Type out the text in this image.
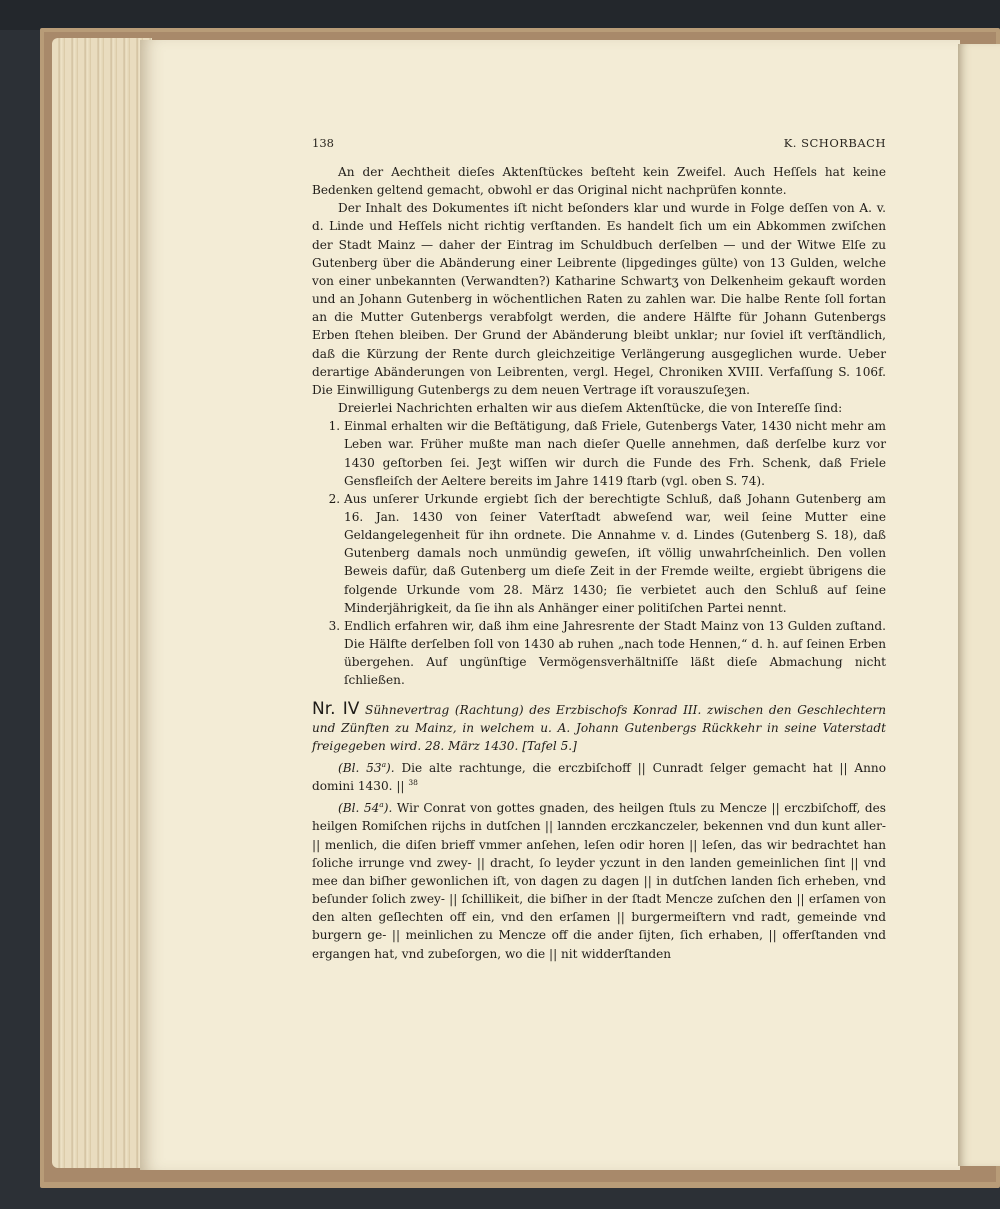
138	K. SCHORBACH

An der Aechtheit dieſes Aktenſtückes beſteht kein Zweifel. Auch Heſſels hat keine Bedenken geltend gemacht, obwohl er das Original nicht nachprüfen konnte.

Der Inhalt des Dokumentes iſt nicht beſonders klar und wurde in Folge deſſen von A. v. d. Linde und Heſſels nicht richtig verſtanden. Es handelt ſich um ein Abkommen zwiſchen der Stadt Mainz — daher der Eintrag im Schuldbuch derſelben — und der Witwe Elſe zu Gutenberg über die Abänderung einer Leibrente (lipgedinges gülte) von 13 Gulden, welche von einer unbekannten (Verwandten?) Katharine Schwartʒ von Delkenheim gekauft worden und an Johann Gutenberg in wöchentlichen Raten zu zahlen war. Die halbe Rente ſoll fortan an die Mutter Gutenbergs verabfolgt werden, die andere Hälfte für Johann Gutenbergs Erben ſtehen bleiben. Der Grund der Abänderung bleibt unklar; nur ſoviel iſt verſtändlich, daß die Kürzung der Rente durch gleichzeitige Verlängerung ausgeglichen wurde. Ueber derartige Abänderungen von Leibrenten, vergl. Hegel, Chroniken XVIII. Verfaſſung S. 106f. Die Einwilligung Gutenbergs zu dem neuen Vertrage iſt vorauszuſeʒen.

Dreierlei Nachrichten erhalten wir aus dieſem Aktenſtücke, die von Intereſſe ſind:

1. Einmal erhalten wir die Beſtätigung, daß Friele, Gutenbergs Vater, 1430 nicht mehr am Leben war. Früher mußte man nach dieſer Quelle annehmen, daß derſelbe kurz vor 1430 geſtorben ſei. Jeʒt wiſſen wir durch die Funde des Frh. Schenk, daß Friele Gensfleiſch der Aeltere bereits im Jahre 1419 ſtarb (vgl. oben S. 74).
2. Aus unſerer Urkunde ergiebt ſich der berechtigte Schluß, daß Johann Gutenberg am 16. Jan. 1430 von ſeiner Vaterſtadt abweſend war, weil ſeine Mutter eine Geldangelegenheit für ihn ordnete. Die Annahme v. d. Lindes (Gutenberg S. 18), daß Gutenberg damals noch unmündig geweſen, iſt völlig unwahrſcheinlich. Den vollen Beweis dafür, daß Gutenberg um dieſe Zeit in der Fremde weilte, ergiebt übrigens die folgende Urkunde vom 28. März 1430; ſie verbietet auch den Schluß auf ſeine Minderjährigkeit, da ſie ihn als Anhänger einer politiſchen Partei nennt.
3. Endlich erfahren wir, daß ihm eine Jahresrente der Stadt Mainz von 13 Gulden zuſtand. Die Hälfte derſelben ſoll von 1430 ab ruhen „nach tode Hennen,“ d. h. auf ſeinen Erben übergehen. Auf ungünſtige Vermögensverhältniſſe läßt dieſe Abmachung nicht ſchließen.

Nr. IV Sühnevertrag (Rachtung) des Erzbischofs Konrad III. zwischen den Geschlechtern und Zünften zu Mainz, in welchem u. A. Johann Gutenbergs Rückkehr in seine Vaterstadt freigegeben wird. 28. März 1430. [Tafel 5.]

(Bl. 53$^a$). Die alte rachtunge, die erczbiſchoff || Cunradt ſelger gemacht hat || Anno domini 1430. || $^{38}$

(Bl. 54$^a$). Wir Conrat von gottes gnaden, des heilgen ſtuls zu Mencze || erczbiſchoff, des heilgen Romiſchen rijchs in dutſchen || lannden erczkanczeler, bekennen vnd dun kunt aller- || menlich, die diſen brieff vmmer anſehen, leſen odir horen || leſen, das wir bedrachtet han ſoliche irrunge vnd zwey- || dracht, ſo leyder yczunt in den landen gemeinlichen ſint || vnd mee dan biſher gewonlichen iſt, von dagen zu dagen || in dutſchen landen ſich erheben, vnd beſunder ſolich zwey- || ſchillikeit, die biſher in der ſtadt Mencze zuſchen den || erſamen von den alten geſlechten off ein, vnd den erſamen || burgermeiſtern vnd radt, gemeinde vnd burgern ge- || meinlichen zu Mencze off die ander ſijten, ſich erhaben, || offerſtanden vnd ergangen hat, vnd zubeſorgen, wo die || nit widderſtanden
